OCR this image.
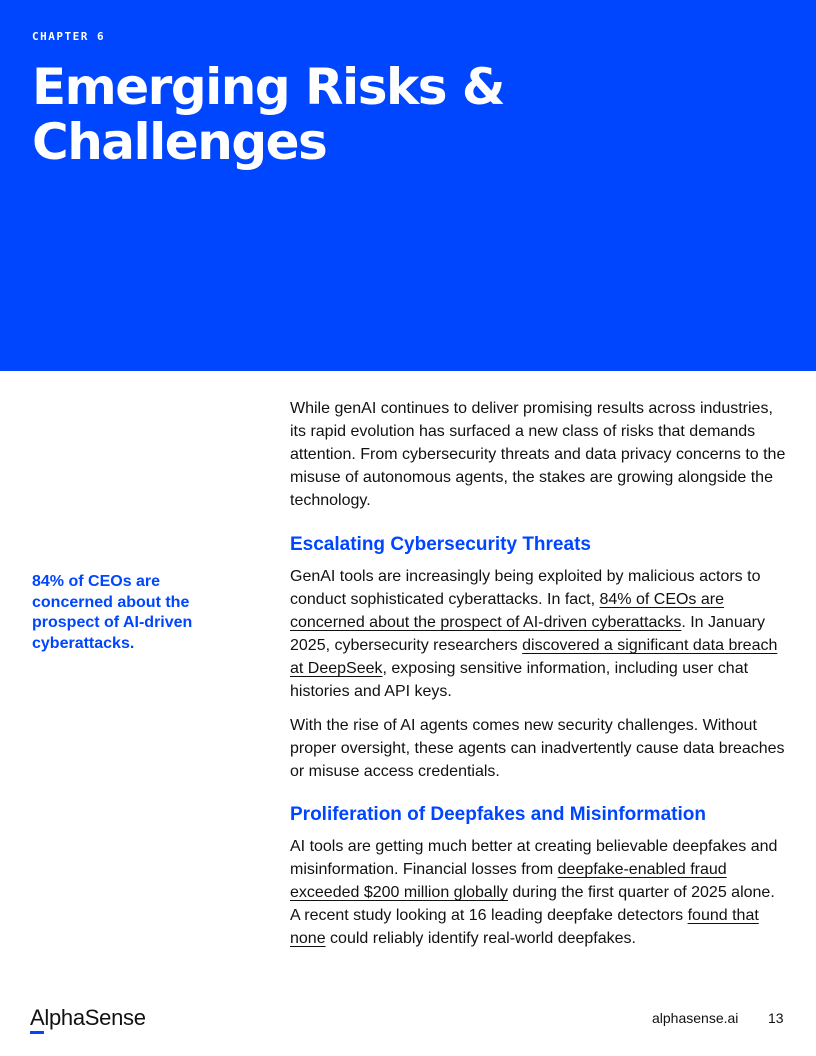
CHAPTER 6
Emerging Risks & Challenges
84% of CEOs are concerned about the prospect of AI-driven cyberattacks.

While genAI continues to deliver promising results across industries, its rapid evolution has surfaced a new class of risks that demands attention. From cybersecurity threats and data privacy concerns to the misuse of autonomous agents, the stakes are growing alongside the technology.

Escalating Cybersecurity Threats

GenAI tools are increasingly being exploited by malicious actors to conduct sophisticated cyberattacks. In fact, 84% of CEOs are concerned about the prospect of AI-driven cyberattacks. In January 2025, cybersecurity researchers discovered a significant data breach at DeepSeek, exposing sensitive information, including user chat histories and API keys.

With the rise of AI agents comes new security challenges. Without proper oversight, these agents can inadvertently cause data breaches or misuse access credentials.

Proliferation of Deepfakes and Misinformation

AI tools are getting much better at creating believable deepfakes and misinformation. Financial losses from deepfake-enabled fraud exceeded $200 million globally during the first quarter of 2025 alone. A recent study looking at 16 leading deepfake detectors found that none could reliably identify real-world deepfakes.

A lphaSense	alphasense.ai 13
